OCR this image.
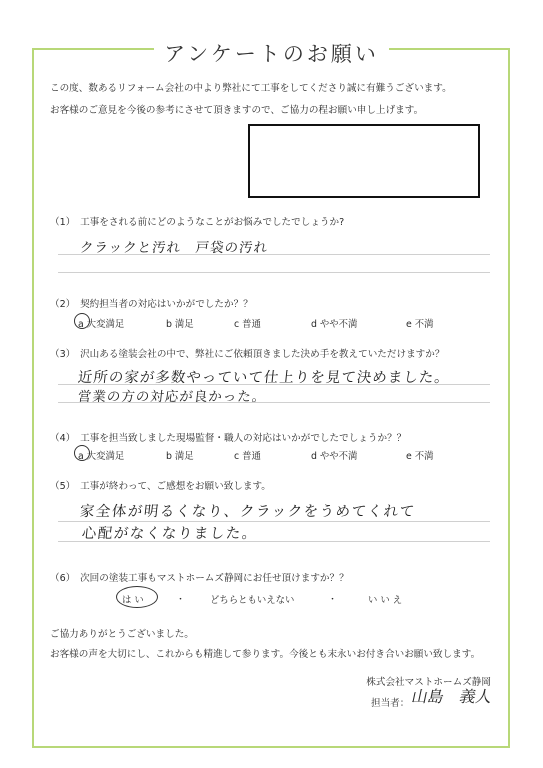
アンケートのお願い
この度、数あるリフォーム会社の中より弊社にて工事をしてくださり誠に有難うございます。
お客様のご意見を今後の参考にさせて頂きますので、ご協力の程お願い申し上げます。
（1）　工事をされる前にどのようなことがお悩みでしたでしょうか?
クラックと汚れ　戸袋の汚れ
（2）　契約担当者の対応はいかがでしたか？？
a 大変満足	b 満足	c 普通	d やや不満	e 不満
（3）　沢山ある塗装会社の中で、弊社にご依頼頂きました決め手を教えていただけますか？
近所の家が多数やっていて仕上りを見て決めました。
営業の方の対応が良かった。
（4）　工事を担当致しました現場監督・職人の対応はいかがでしたでしょうか？？
a 大変満足	b 満足	c 普通	d やや不満	e 不満
（5）　工事が終わって、ご感想をお願い致します。
家全体が明るくなり、クラックをうめてくれて
心配がなくなりました。
（6）　次回の塗装工事もマストホームズ静岡にお任せ頂けますか？？
は い	・	どちらともいえない	・	い い え
ご協力ありがとうございました。
お客様の声を大切にし、これからも精進して参ります。今後とも末永いお付き合いお願い致します。
株式会社マストホームズ静岡
担当者： 山島　義人
